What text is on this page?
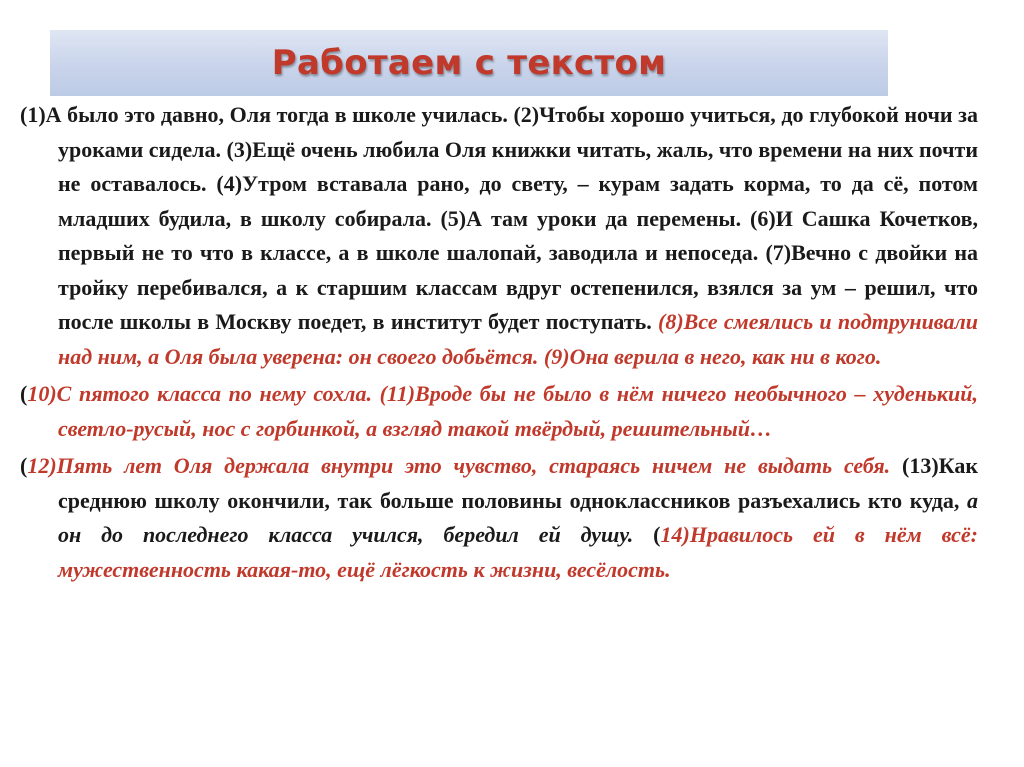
Работаем с текстом

(1)А было это давно, Оля тогда в школе училась. (2)Чтобы хорошо учиться, до глубокой ночи за уроками сидела. (3)Ещё очень любила Оля книжки читать, жаль, что времени на них почти не оставалось. (4)Утром вставала рано, до свету, – курам задать корма, то да сё, потом младших будила, в школу собирала. (5)А там уроки да перемены. (6)И Сашка Кочетков, первый не то что в классе, а в школе шалопай, заводила и непоседа. (7)Вечно с двойки на тройку перебивался, а к старшим классам вдруг остепенился, взялся за ум – решил, что после школы в Москву поедет, в институт будет поступать. (8)Все смеялись и подтрунивали над ним, а Оля была уверена: он своего добьётся. (9)Она верила в него, как ни в кого.

(10)С пятого класса по нему сохла. (11)Вроде бы не было в нём ничего необычного – худенький, светло-русый, нос с горбинкой, а взгляд такой твёрдый, решительный…

(12)Пять лет Оля держала внутри это чувство, стараясь ничем не выдать себя. (13)Как среднюю школу окончили, так больше половины одноклассников разъехались кто куда, а он до последнего класса учился, бередил ей душу. (14)Нравилось ей в нём всё: мужественность какая-то, ещё лёгкость к жизни, весёлость.
